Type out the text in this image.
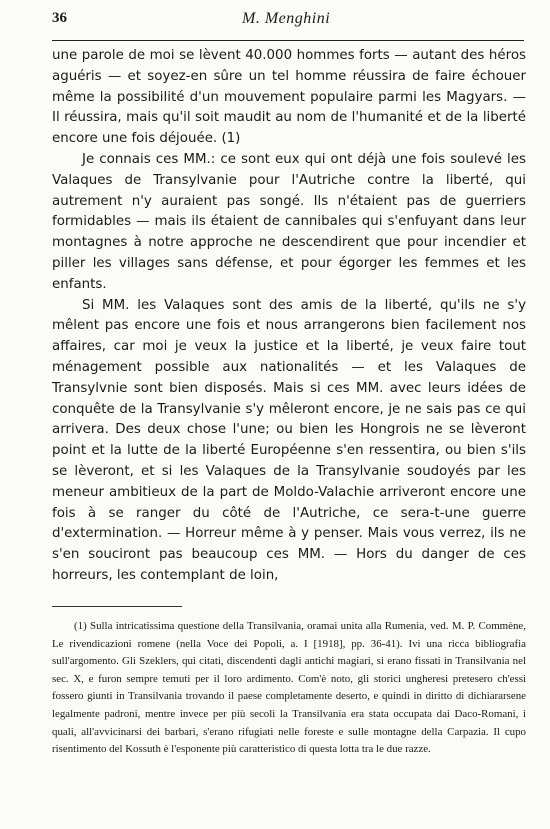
36	M. Menghini

une parole de moi se lèvent 40.000 hommes forts — autant des héros aguéris — et soyez-en sûre un tel homme réussira de faire échouer même la possibilité d'un mouvement populaire parmi les Magyars. — Il réussira, mais qu'il soit maudit au nom de l'humanité et de la liberté encore une fois déjouée. (1)

Je connais ces MM.: ce sont eux qui ont déjà une fois soulevé les Valaques de Transylvanie pour l'Autriche contre la liberté, qui autrement n'y auraient pas songé. Ils n'étaient pas de guerriers formidables — mais ils étaient de cannibales qui s'enfuyant dans leur montagnes à notre approche ne descendirent que pour incendier et piller les villages sans défense, et pour égorger les femmes et les enfants.

Si MM. les Valaques sont des amis de la liberté, qu'ils ne s'y mêlent pas encore une fois et nous arrangerons bien facilement nos affaires, car moi je veux la justice et la liberté, je veux faire tout ménagement possible aux nationalités — et les Valaques de Transylvnie sont bien disposés. Mais si ces MM. avec leurs idées de conquête de la Transylvanie s'y mêleront encore, je ne sais pas ce qui arrivera. Des deux chose l'une; ou bien les Hongrois ne se lèveront point et la lutte de la liberté Européenne s'en ressentira, ou bien s'ils se lèveront, et si les Valaques de la Transylvanie soudoyés par les meneur ambitieux de la part de Moldo-Valachie arriveront encore une fois à se ranger du côté de l'Autriche, ce sera-t-une guerre d'extermination. — Horreur même à y penser. Mais vous verrez, ils ne s'en souciront pas beaucoup ces MM. — Hors du danger de ces horreurs, les contemplant de loin,

(1) Sulla intricatissima questione della Transilvania, oramai unita alla Rumenia, ved. M. P. Commène, Le rivendicazioni romene (nella Voce dei Popoli, a. I [1918], pp. 36-41). Ivi una ricca bibliografia sull'argomento. Gli Szeklers, qui citati, discendenti dagli antichi magiari, si erano fissati in Transilvania nel sec. X, e furon sempre temuti per il loro ardimento. Com'è noto, gli storici ungheresi pretesero ch'essi fossero giunti in Transilvania trovando il paese completamente deserto, e quindi in diritto di dichiararsene legalmente padroni, mentre invece per più secoli la Transilvania era stata occupata dai Daco-Romani, i quali, all'avvicinarsi dei barbari, s'erano rifugiati nelle foreste e sulle montagne della Carpazia. Il cupo risentimento del Kossuth è l'esponente più caratteristico di questa lotta tra le due razze.
